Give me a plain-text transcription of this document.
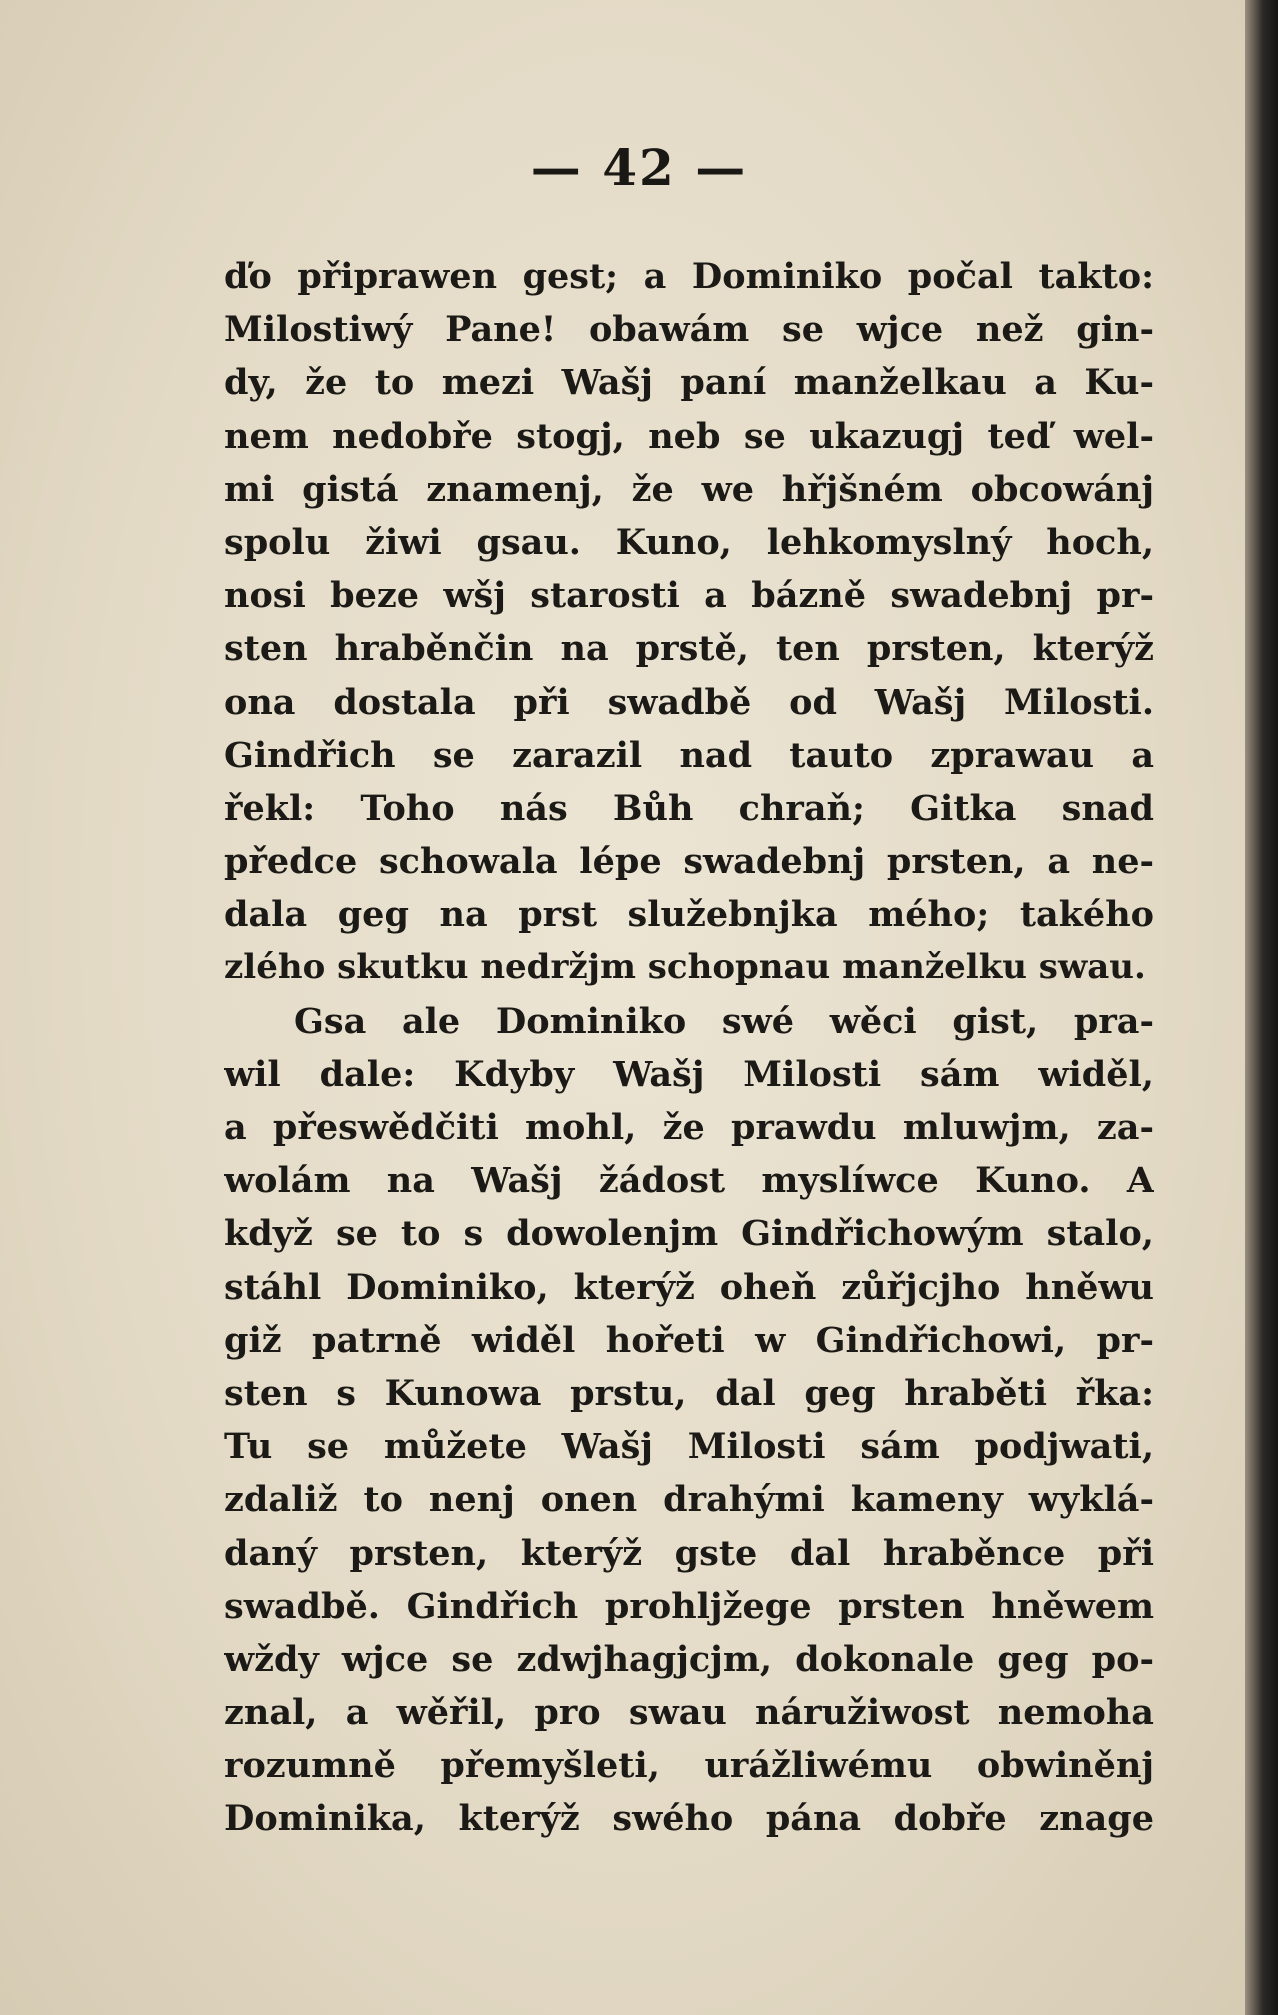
— 42 —
ďo připrawen gest; a Dominiko počal takto:
Milostiwý Pane! obawám se wjce než gin-
dy, že to mezi Wašj paní manželkau a Ku-
nem nedobře stogj, neb se ukazugj teď wel-
mi gistá znamenj, že we hřjšném obcowánj
spolu žiwi gsau. Kuno, lehkomyslný hoch,
nosi beze wšj starosti a bázně swadebnj pr-
sten hraběnčin na prstě, ten prsten, kterýž
ona dostala při swadbě od Wašj Milosti.
Gindřich se zarazil nad tauto zprawau a
řekl: Toho nás Bůh chraň; Gitka snad
předce schowala lépe swadebnj prsten, a ne-
dala geg na prst služebnjka mého; takého
zlého skutku nedržjm schopnau manželku swau.
Gsa ale Dominiko swé wěci gist, pra-
wil dale: Kdyby Wašj Milosti sám widěl,
a přeswědčiti mohl, že prawdu mluwjm, za-
wolám na Wašj žádost myslíwce Kuno. A
když se to s dowolenjm Gindřichowým stalo,
stáhl Dominiko, kterýž oheň zůřjcjho hněwu
giž patrně widěl hořeti w Gindřichowi, pr-
sten s Kunowa prstu, dal geg hraběti řka:
Tu se můžete Wašj Milosti sám podjwati,
zdaliž to nenj onen drahými kameny wyklá-
daný prsten, kterýž gste dal hraběnce při
swadbě. Gindřich prohljžege prsten hněwem
wždy wjce se zdwjhagjcjm, dokonale geg po-
znal, a wěřil, pro swau náružiwost nemoha
rozumně přemyšleti, urážliwému obwiněnj
Dominika, kterýž swého pána dobře znage
